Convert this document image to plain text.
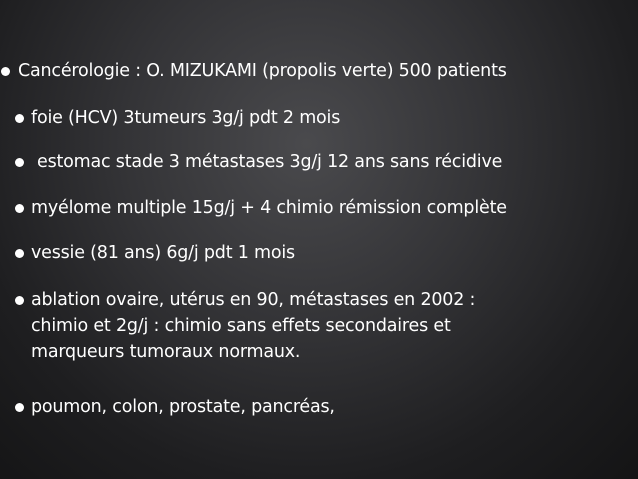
Cancérologie : O. MIZUKAMI (propolis verte) 500 patients
foie (HCV) 3tumeurs 3g/j pdt 2 mois
estomac stade 3 métastases 3g/j 12 ans sans récidive
myélome multiple 15g/j + 4 chimio rémission complète
vessie (81 ans) 6g/j pdt 1 mois
ablation ovaire, utérus en 90, métastases en 2002 :
chimio et 2g/j : chimio sans effets secondaires et
marqueurs tumoraux normaux.
poumon, colon, prostate, pancréas,
